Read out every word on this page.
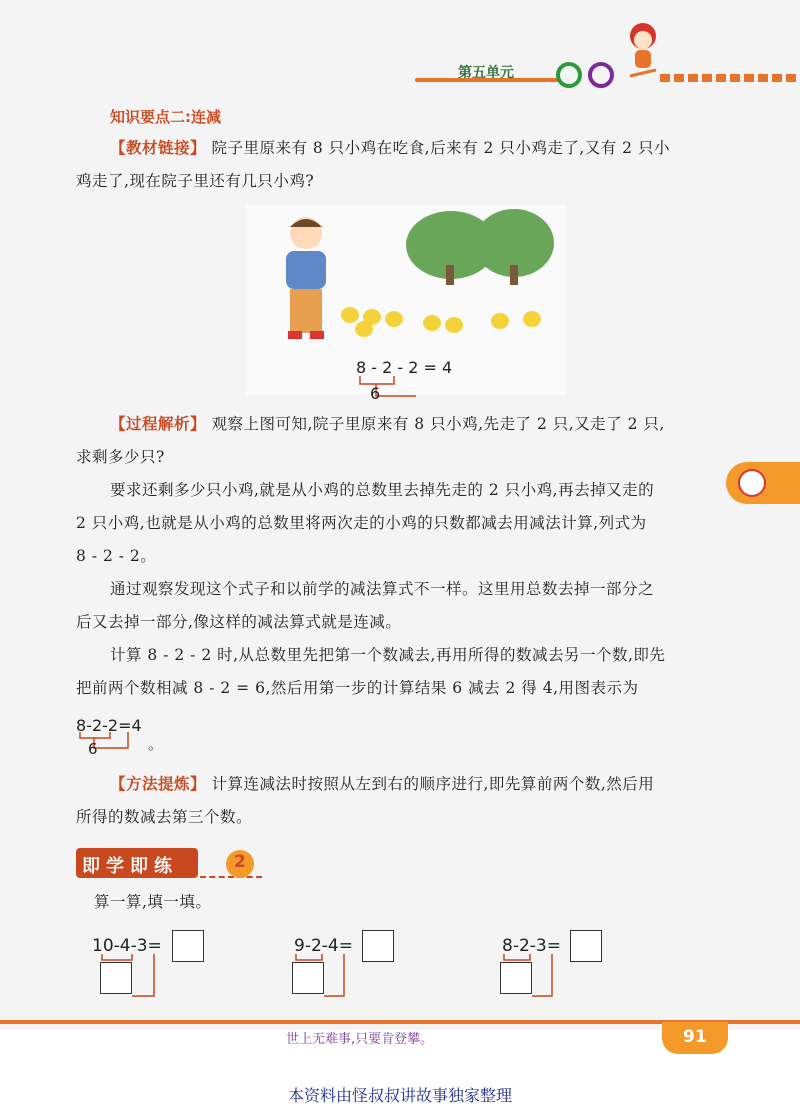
第五单元
知识要点二:连减
【教材链接】 院子里原来有 8 只小鸡在吃食,后来有 2 只小鸡走了,又有 2 只小
鸡走了,现在院子里还有几只小鸡?
8 - 2 - 2 = 4
6
【过程解析】 观察上图可知,院子里原来有 8 只小鸡,先走了 2 只,又走了 2 只,
求剩多少只?
要求还剩多少只小鸡,就是从小鸡的总数里去掉先走的 2 只小鸡,再去掉又走的
2 只小鸡,也就是从小鸡的总数里将两次走的小鸡的只数都减去用减法计算,列式为
8 - 2 - 2。
通过观察发现这个式子和以前学的减法算式不一样。这里用总数去掉一部分之
后又去掉一部分,像这样的减法算式就是连减。
计算 8 - 2 - 2 时,从总数里先把第一个数减去,再用所得的数减去另一个数,即先
把前两个数相减 8 - 2 = 6,然后用第一步的计算结果 6 减去 2 得 4,用图表示为
8-2-2=4
6	。
【方法提炼】 计算连减法时按照从左到右的顺序进行,即先算前两个数,然后用
所得的数减去第三个数。
即学即练	2
算一算,填一填。
10-4-3=	9-2-4=	8-2-3=
世上无难事,只要肯登攀。	91
本资料由怪叔叔讲故事独家整理
